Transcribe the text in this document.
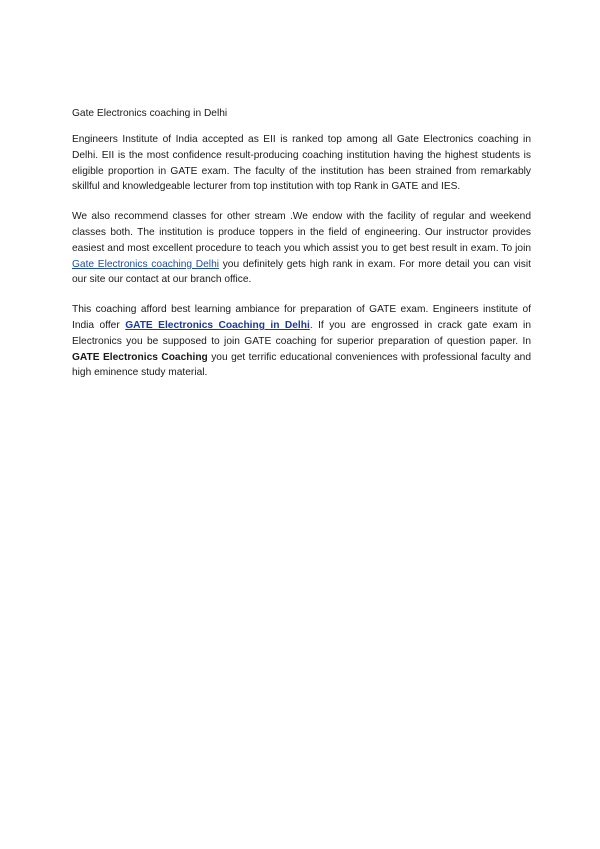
Gate Electronics coaching in Delhi

Engineers Institute of India accepted as EII is ranked top among all Gate Electronics coaching in Delhi. EII is the most confidence result-producing coaching institution having the highest students is eligible proportion in GATE exam. The faculty of the institution has been strained from remarkably skillful and knowledgeable lecturer from top institution with top Rank in GATE and IES.

We also recommend classes for other stream .We endow with the facility of regular and weekend classes both. The institution is produce toppers in the field of engineering. Our instructor provides easiest and most excellent procedure to teach you which assist you to get best result in exam. To join Gate Electronics coaching Delhi you definitely gets high rank in exam. For more detail you can visit our site our contact at our branch office.

This coaching afford best learning ambiance for preparation of GATE exam. Engineers institute of India offer GATE Electronics Coaching in Delhi. If you are engrossed in crack gate exam in Electronics you be supposed to join GATE coaching for superior preparation of question paper. In GATE Electronics Coaching you get terrific educational conveniences with professional faculty and high eminence study material.
